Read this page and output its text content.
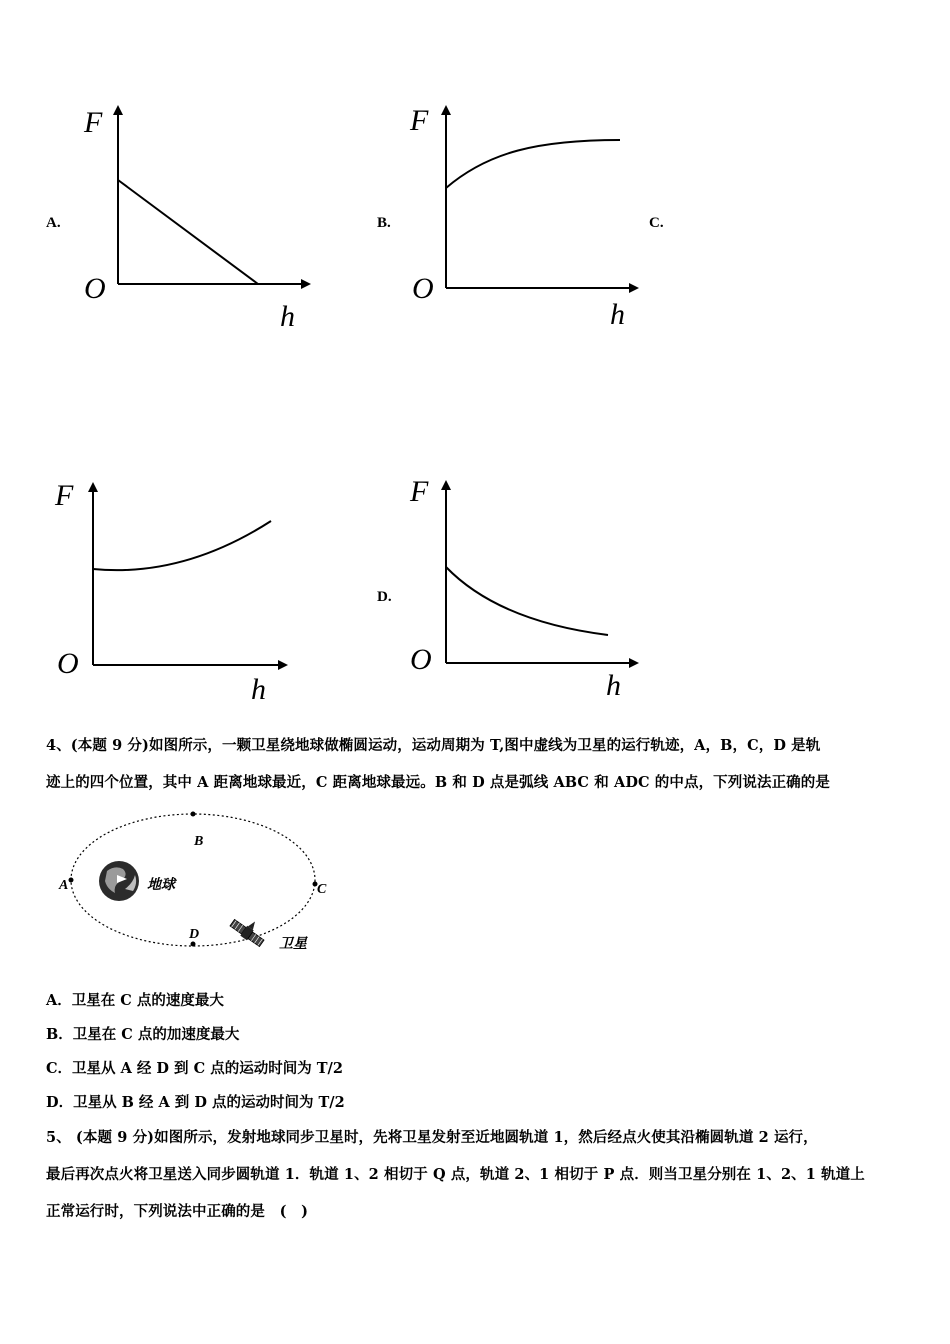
A.	B.	C.
D.
F
O
h
F
O
h
F
O
h
F
O
h
4、(本题 9 分)如图所示，一颗卫星绕地球做椭圆运动，运动周期为 T,图中虚线为卫星的运行轨迹，A，B，C，D 是轨
迹上的四个位置，其中 A 距离地球最近，C 距离地球最远。B 和 D 点是弧线 ABC 和 ADC 的中点，下列说法正确的是
A
B
C
D
地球
卫星
A．卫星在 C 点的速度最大
B．卫星在 C 点的加速度最大
C．卫星从 A 经 D 到 C 点的运动时间为 T/2
D．卫星从 B 经 A 到 D 点的运动时间为 T/2
5、 (本题 9 分)如图所示，发射地球同步卫星时，先将卫星发射至近地圆轨道 1，然后经点火使其沿椭圆轨道 2 运行，
最后再次点火将卫星送入同步圆轨道 1．轨道 1、2 相切于 Q 点，轨道 2、1 相切于 P 点．则当卫星分别在 1、2、1 轨道上
正常运行时，下列说法中正确的是　(　)
